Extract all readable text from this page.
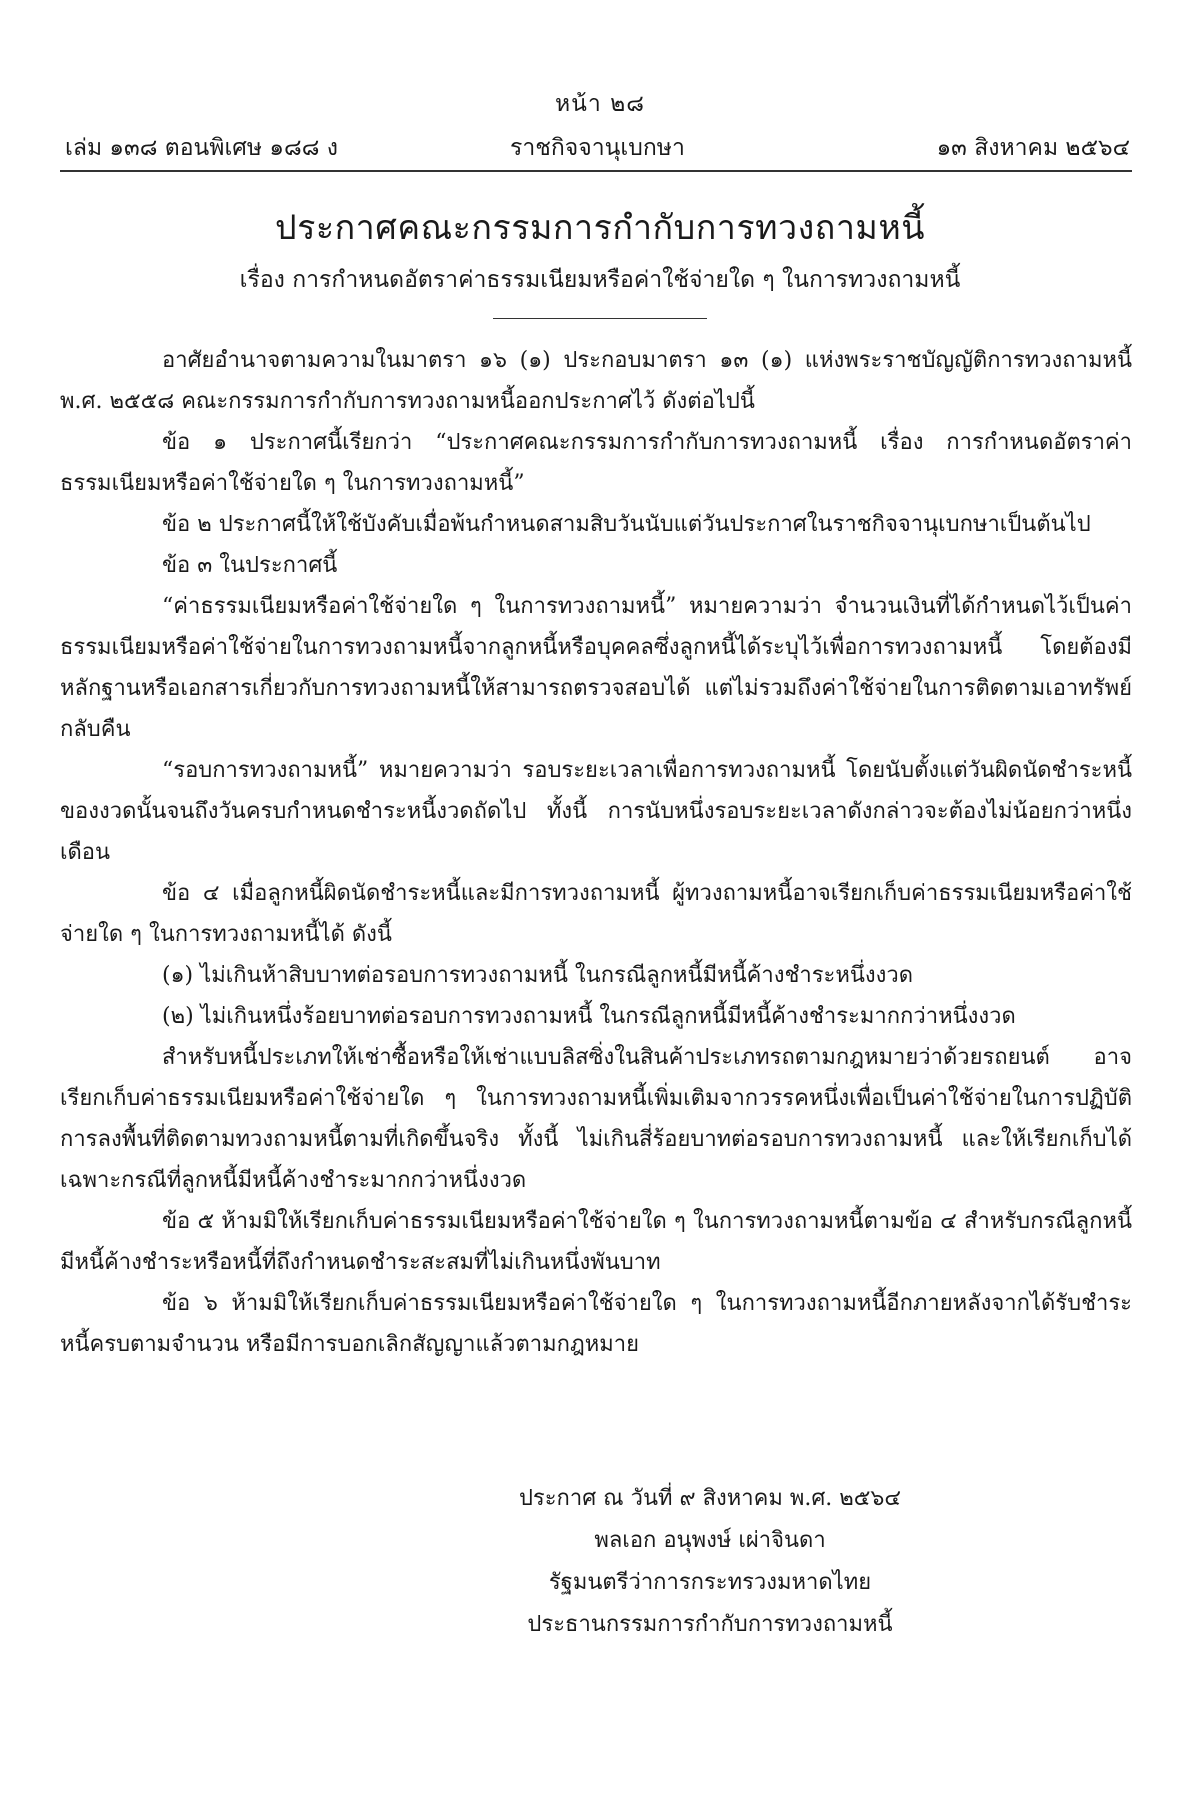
หน้า ๒๘
เล่ม ๑๓๘ ตอนพิเศษ ๑๘๘ ง	ราชกิจจานุเบกษา	๑๓ สิงหาคม ๒๕๖๔
ประกาศคณะกรรมการกำกับการทวงถามหนี้
เรื่อง การกำหนดอัตราค่าธรรมเนียมหรือค่าใช้จ่ายใด ๆ ในการทวงถามหนี้

อาศัยอำนาจตามความในมาตรา ๑๖ (๑) ประกอบมาตรา ๑๓ (๑) แห่งพระราชบัญญัติการทวงถามหนี้ พ.ศ. ๒๕๕๘ คณะกรรมการกำกับการทวงถามหนี้ออกประกาศไว้ ดังต่อไปนี้

ข้อ ๑ ประกาศนี้เรียกว่า “ประกาศคณะกรรมการกำกับการทวงถามหนี้ เรื่อง การกำหนดอัตราค่าธรรมเนียมหรือค่าใช้จ่ายใด ๆ ในการทวงถามหนี้”

ข้อ ๒ ประกาศนี้ให้ใช้บังคับเมื่อพ้นกำหนดสามสิบวันนับแต่วันประกาศในราชกิจจานุเบกษาเป็นต้นไป

ข้อ ๓ ในประกาศนี้

“ค่าธรรมเนียมหรือค่าใช้จ่ายใด ๆ ในการทวงถามหนี้” หมายความว่า จำนวนเงินที่ได้กำหนดไว้เป็นค่าธรรมเนียมหรือค่าใช้จ่ายในการทวงถามหนี้จากลูกหนี้หรือบุคคลซึ่งลูกหนี้ได้ระบุไว้เพื่อการทวงถามหนี้ โดยต้องมีหลักฐานหรือเอกสารเกี่ยวกับการทวงถามหนี้ให้สามารถตรวจสอบได้ แต่ไม่รวมถึงค่าใช้จ่ายในการติดตามเอาทรัพย์กลับคืน

“รอบการทวงถามหนี้” หมายความว่า รอบระยะเวลาเพื่อการทวงถามหนี้ โดยนับตั้งแต่วันผิดนัดชำระหนี้ของงวดนั้นจนถึงวันครบกำหนดชำระหนี้งวดถัดไป ทั้งนี้ การนับหนึ่งรอบระยะเวลาดังกล่าวจะต้องไม่น้อยกว่าหนึ่งเดือน

ข้อ ๔ เมื่อลูกหนี้ผิดนัดชำระหนี้และมีการทวงถามหนี้ ผู้ทวงถามหนี้อาจเรียกเก็บค่าธรรมเนียมหรือค่าใช้จ่ายใด ๆ ในการทวงถามหนี้ได้ ดังนี้

(๑) ไม่เกินห้าสิบบาทต่อรอบการทวงถามหนี้ ในกรณีลูกหนี้มีหนี้ค้างชำระหนึ่งงวด

(๒) ไม่เกินหนึ่งร้อยบาทต่อรอบการทวงถามหนี้ ในกรณีลูกหนี้มีหนี้ค้างชำระมากกว่าหนึ่งงวด

สำหรับหนี้ประเภทให้เช่าซื้อหรือให้เช่าแบบลิสซิ่งในสินค้าประเภทรถตามกฎหมายว่าด้วยรถยนต์ อาจเรียกเก็บค่าธรรมเนียมหรือค่าใช้จ่ายใด ๆ ในการทวงถามหนี้เพิ่มเติมจากวรรคหนึ่งเพื่อเป็นค่าใช้จ่ายในการปฏิบัติการลงพื้นที่ติดตามทวงถามหนี้ตามที่เกิดขึ้นจริง ทั้งนี้ ไม่เกินสี่ร้อยบาทต่อรอบการทวงถามหนี้ และให้เรียกเก็บได้เฉพาะกรณีที่ลูกหนี้มีหนี้ค้างชำระมากกว่าหนึ่งงวด

ข้อ ๕ ห้ามมิให้เรียกเก็บค่าธรรมเนียมหรือค่าใช้จ่ายใด ๆ ในการทวงถามหนี้ตามข้อ ๔ สำหรับกรณีลูกหนี้มีหนี้ค้างชำระหรือหนี้ที่ถึงกำหนดชำระสะสมที่ไม่เกินหนึ่งพันบาท

ข้อ ๖ ห้ามมิให้เรียกเก็บค่าธรรมเนียมหรือค่าใช้จ่ายใด ๆ ในการทวงถามหนี้อีกภายหลังจากได้รับชำระหนี้ครบตามจำนวน หรือมีการบอกเลิกสัญญาแล้วตามกฎหมาย

ประกาศ ณ วันที่ ๙ สิงหาคม พ.ศ. ๒๕๖๔
พลเอก อนุพงษ์ เผ่าจินดา
รัฐมนตรีว่าการกระทรวงมหาดไทย
ประธานกรรมการกำกับการทวงถามหนี้
